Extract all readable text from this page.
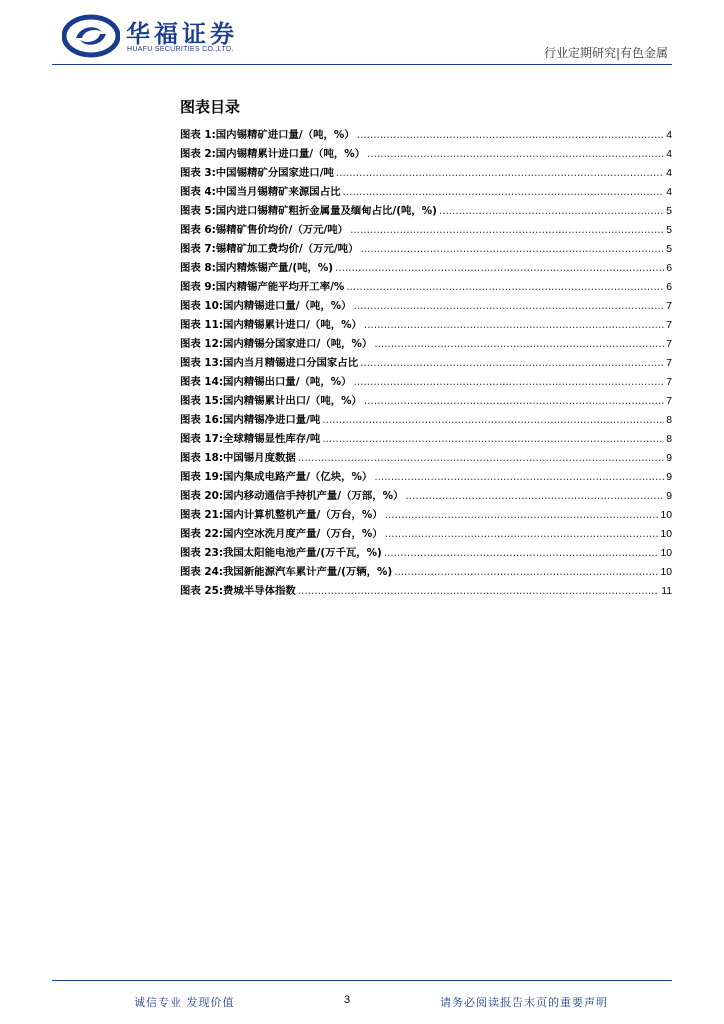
华福证券
HUAFU SECURITIES CO.,LTD.	行业定期研究|有色金属
图表目录
图表 1: 国内锡精矿进口量/（吨，%） .....	4
图表 2: 国内锡精累计进口量/（吨，%） .....	4
图表 3: 中国锡精矿分国家进口/吨 .....	4
图表 4: 中国当月锡精矿来源国占比 .....	4
图表 5: 国内进口锡精矿粗折金属量及缅甸占比/(吨，%) .....	5
图表 6: 锡精矿售价均价/（万元/吨） .....	5
图表 7: 锡精矿加工费均价/（万元/吨） .....	5
图表 8: 国内精炼锡产量/(吨，%) .....	6
图表 9: 国内精锡产能平均开工率/% .....	6
图表 10: 国内精锡进口量/（吨，%） .....	7
图表 11: 国内精锡累计进口/（吨，%） .....	7
图表 12: 国内精锡分国家进口/（吨，%） .....	7
图表 13: 国内当月精锡进口分国家占比 .....	7
图表 14: 国内精锡出口量/（吨，%） .....	7
图表 15: 国内精锡累计出口/（吨，%） .....	7
图表 16: 国内精锡净进口量/吨 .....	8
图表 17: 全球精锡显性库存/吨 .....	8
图表 18: 中国锡月度数据 .....	9
图表 19: 国内集成电路产量/（亿块，%） .....	9
图表 20: 国内移动通信手持机产量/（万部，%） .....	9
图表 21: 国内计算机整机产量/（万台，%） .....	10
图表 22: 国内空冰洗月度产量/（万台，%） .....	10
图表 23: 我国太阳能电池产量/(万千瓦，%) .....	10
图表 24: 我国新能源汽车累计产量/(万辆，%) .....	10
图表 25: 费城半导体指数 .....	11
诚信专业 发现价值	3	请务必阅读报告末页的重要声明
